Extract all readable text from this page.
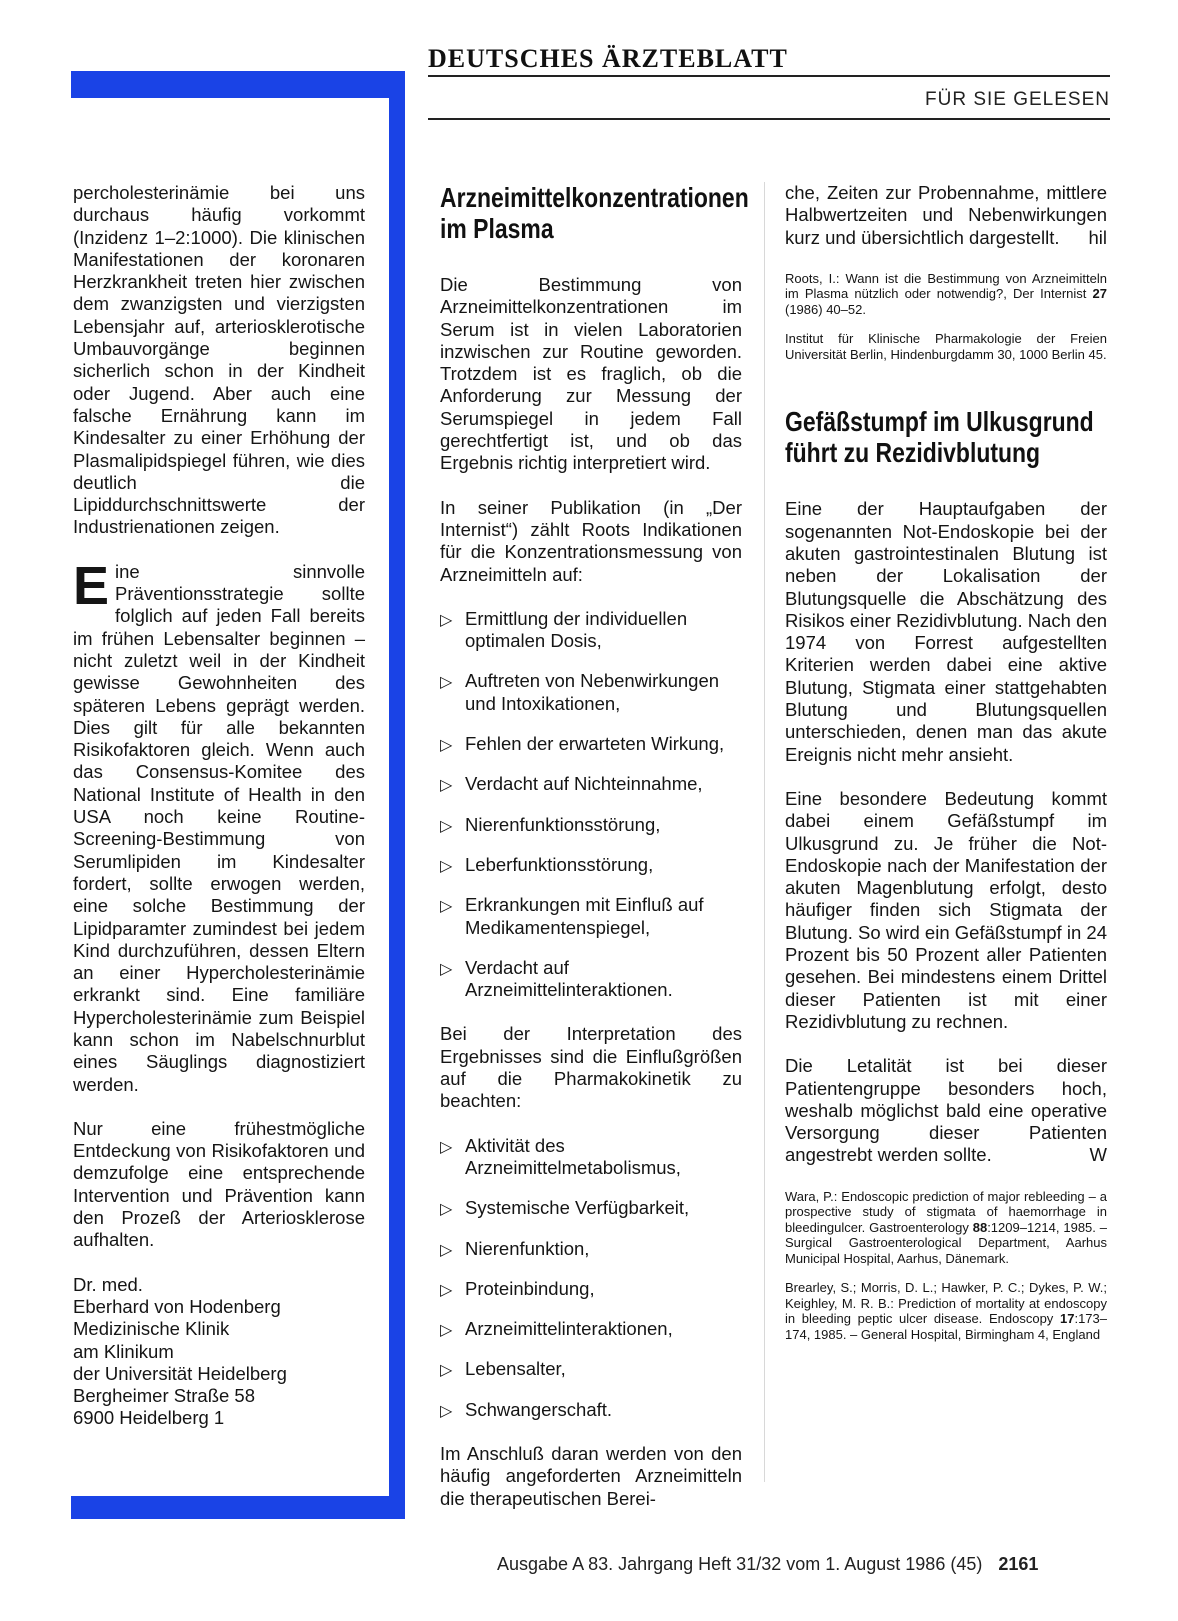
DEUTSCHES ÄRZTEBLATT
FÜR SIE GELESEN

percholesterinämie bei uns durchaus häufig vorkommt (Inzidenz 1–2:1000). Die klinischen Manifestationen der koronaren Herzkrankheit treten hier zwischen dem zwanzigsten und vierzigsten Lebensjahr auf, arteriosklerotische Umbauvorgänge beginnen sicherlich schon in der Kindheit oder Jugend. Aber auch eine falsche Ernährung kann im Kindesalter zu einer Erhöhung der Plasmalipidspiegel führen, wie dies deutlich die Lipiddurchschnittswerte der Industrienationen zeigen.

Eine sinnvolle Präventionsstrategie sollte folglich auf jeden Fall bereits im frühen Lebensalter beginnen – nicht zuletzt weil in der Kindheit gewisse Gewohnheiten des späteren Lebens geprägt werden. Dies gilt für alle bekannten Risikofaktoren gleich. Wenn auch das Consensus-Komitee des National Institute of Health in den USA noch keine Routine-Screening-Bestimmung von Serumlipiden im Kindesalter fordert, sollte erwogen werden, eine solche Bestimmung der Lipidparamter zumindest bei jedem Kind durchzuführen, dessen Eltern an einer Hypercholesterinämie erkrankt sind. Eine familiäre Hypercholesterinämie zum Beispiel kann schon im Nabelschnurblut eines Säuglings diagnostiziert werden.

Nur eine frühestmögliche Entdeckung von Risikofaktoren und demzufolge eine entsprechende Intervention und Prävention kann den Prozeß der Arteriosklerose aufhalten.

Dr. med.

Eberhard von Hodenberg

Medizinische Klinik

am Klinikum

der Universität Heidelberg

Bergheimer Straße 58

6900 Heidelberg 1

Arzneimittelkonzentrationen im Plasma

Die Bestimmung von Arzneimittelkonzentrationen im Serum ist in vielen Laboratorien inzwischen zur Routine geworden. Trotzdem ist es fraglich, ob die Anforderung zur Messung der Serumspiegel in jedem Fall gerechtfertigt ist, und ob das Ergebnis richtig interpretiert wird.

In seiner Publikation (in „Der Internist“) zählt Roots Indikationen für die Konzentrationsmessung von Arzneimitteln auf:

▷ Ermittlung der individuellen optimalen Dosis,
▷ Auftreten von Nebenwirkungen und Intoxikationen,
▷ Fehlen der erwarteten Wirkung,
▷ Verdacht auf Nichteinnahme,
▷ Nierenfunktionsstörung,
▷ Leberfunktionsstörung,
▷ Erkrankungen mit Einfluß auf Medikamentenspiegel,
▷ Verdacht auf Arzneimittelinteraktionen.

Bei der Interpretation des Ergebnisses sind die Einflußgrößen auf die Pharmakokinetik zu beachten:

▷ Aktivität des Arzneimittelmetabolismus,
▷ Systemische Verfügbarkeit,
▷ Nierenfunktion,
▷ Proteinbindung,
▷ Arzneimittelinteraktionen,
▷ Lebensalter,
▷ Schwangerschaft.

Im Anschluß daran werden von den häufig angeforderten Arzneimitteln die therapeutischen Berei-

che, Zeiten zur Probennahme, mittlere Halbwertzeiten und Nebenwirkungen kurz und übersichtlich dargestellt. hil

Roots, I.: Wann ist die Bestimmung von Arzneimitteln im Plasma nützlich oder notwendig?, Der Internist 27 (1986) 40–52.

Institut für Klinische Pharmakologie der Freien Universität Berlin, Hindenburgdamm 30, 1000 Berlin 45.

Gefäßstumpf im Ulkusgrund führt zu Rezidivblutung

Eine der Hauptaufgaben der sogenannten Not-Endoskopie bei der akuten gastrointestinalen Blutung ist neben der Lokalisation der Blutungsquelle die Abschätzung des Risikos einer Rezidivblutung. Nach den 1974 von Forrest aufgestellten Kriterien werden dabei eine aktive Blutung, Stigmata einer stattgehabten Blutung und Blutungsquellen unterschieden, denen man das akute Ereignis nicht mehr ansieht.

Eine besondere Bedeutung kommt dabei einem Gefäßstumpf im Ulkusgrund zu. Je früher die Not-Endoskopie nach der Manifestation der akuten Magenblutung erfolgt, desto häufiger finden sich Stigmata der Blutung. So wird ein Gefäßstumpf in 24 Prozent bis 50 Prozent aller Patienten gesehen. Bei mindestens einem Drittel dieser Patienten ist mit einer Rezidivblutung zu rechnen.

Die Letalität ist bei dieser Patientengruppe besonders hoch, weshalb möglichst bald eine operative Versorgung dieser Patienten angestrebt werden sollte.	W

Wara, P.: Endoscopic prediction of major rebleeding – a prospective study of stigmata of haemorrhage in bleedingulcer. Gastroenterology 88:1209–1214, 1985. – Surgical Gastroenterological Department, Aarhus Municipal Hospital, Aarhus, Dänemark.

Brearley, S.; Morris, D. L.; Hawker, P. C.; Dykes, P. W.; Keighley, M. R. B.: Prediction of mortality at endoscopy in bleeding peptic ulcer disease. Endoscopy 17:173–174, 1985. – General Hospital, Birmingham 4, England

Ausgabe A 83. Jahrgang Heft 31/32 vom 1. August 1986 (45) 2161
